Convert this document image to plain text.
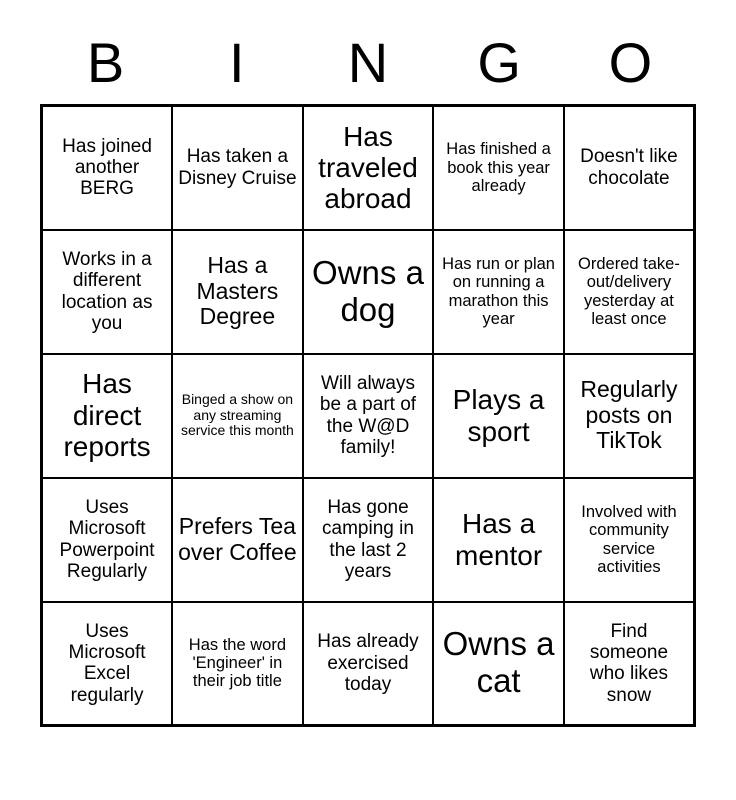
B	I	N	G	O
Has joined another BERG	Has taken a Disney Cruise	Has traveled abroad	Has finished a book this year already	Doesn't like chocolate

Works in a different location as you	Has a Masters Degree	Owns a dog	Has run or plan on running a marathon this year	Ordered take-out/delivery yesterday at least once

Has direct reports	Binged a show on any streaming service this month	Will always be a part of the W@D family!	Plays a sport	Regularly posts on TikTok

Uses Microsoft Powerpoint Regularly	Prefers Tea over Coffee	Has gone camping in the last 2 years	Has a mentor	Involved with community service activities

Uses Microsoft Excel regularly	Has the word 'Engineer' in their job title	Has already exercised today	Owns a cat	Find someone who likes snow
